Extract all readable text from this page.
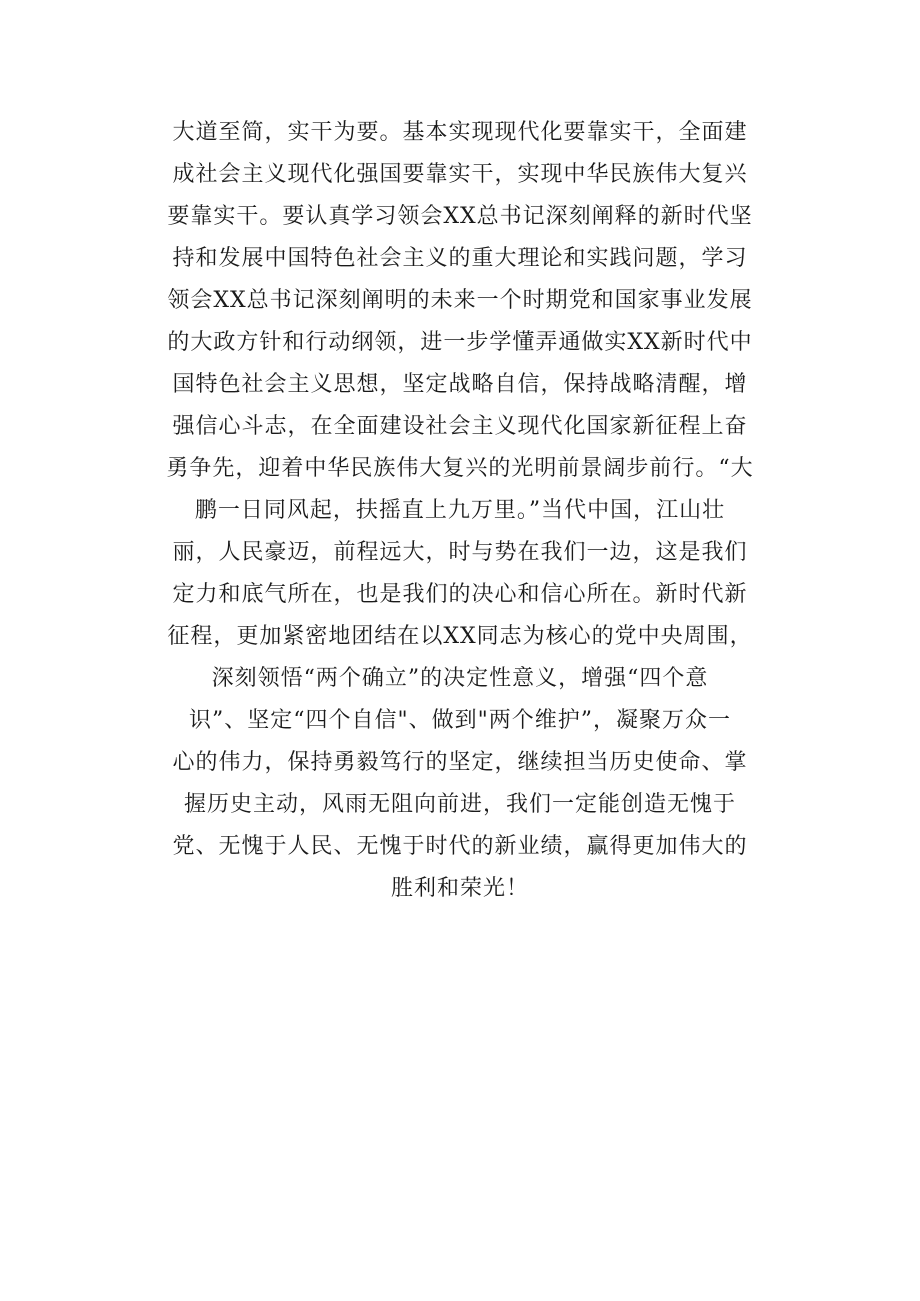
大道至简，实干为要。基本实现现代化要靠实干，全面建
成社会主义现代化强国要靠实干，实现中华民族伟大复兴
要靠实干。要认真学习领会XX总书记深刻阐释的新时代坚
持和发展中国特色社会主义的重大理论和实践问题，学习
领会XX总书记深刻阐明的未来一个时期党和国家事业发展
的大政方针和行动纲领，进一步学懂弄通做实XX新时代中
国特色社会主义思想，坚定战略自信，保持战略清醒，增
强信心斗志，在全面建设社会主义现代化国家新征程上奋
勇争先，迎着中华民族伟大复兴的光明前景阔步前行。“大
鹏一日同风起，扶摇直上九万里。”当代中国，江山壮
丽，人民豪迈，前程远大，时与势在我们一边，这是我们
定力和底气所在，也是我们的决心和信心所在。新时代新
征程，更加紧密地团结在以XX同志为核心的党中央周围，
深刻领悟“两个确立”的决定性意义，增强“四个意
识”、坚定“四个自信"、做到"两个维护”，凝聚万众一
心的伟力，保持勇毅笃行的坚定，继续担当历史使命、掌
握历史主动，风雨无阻向前进，我们一定能创造无愧于
党、无愧于人民、无愧于时代的新业绩，赢得更加伟大的
胜利和荣光！
